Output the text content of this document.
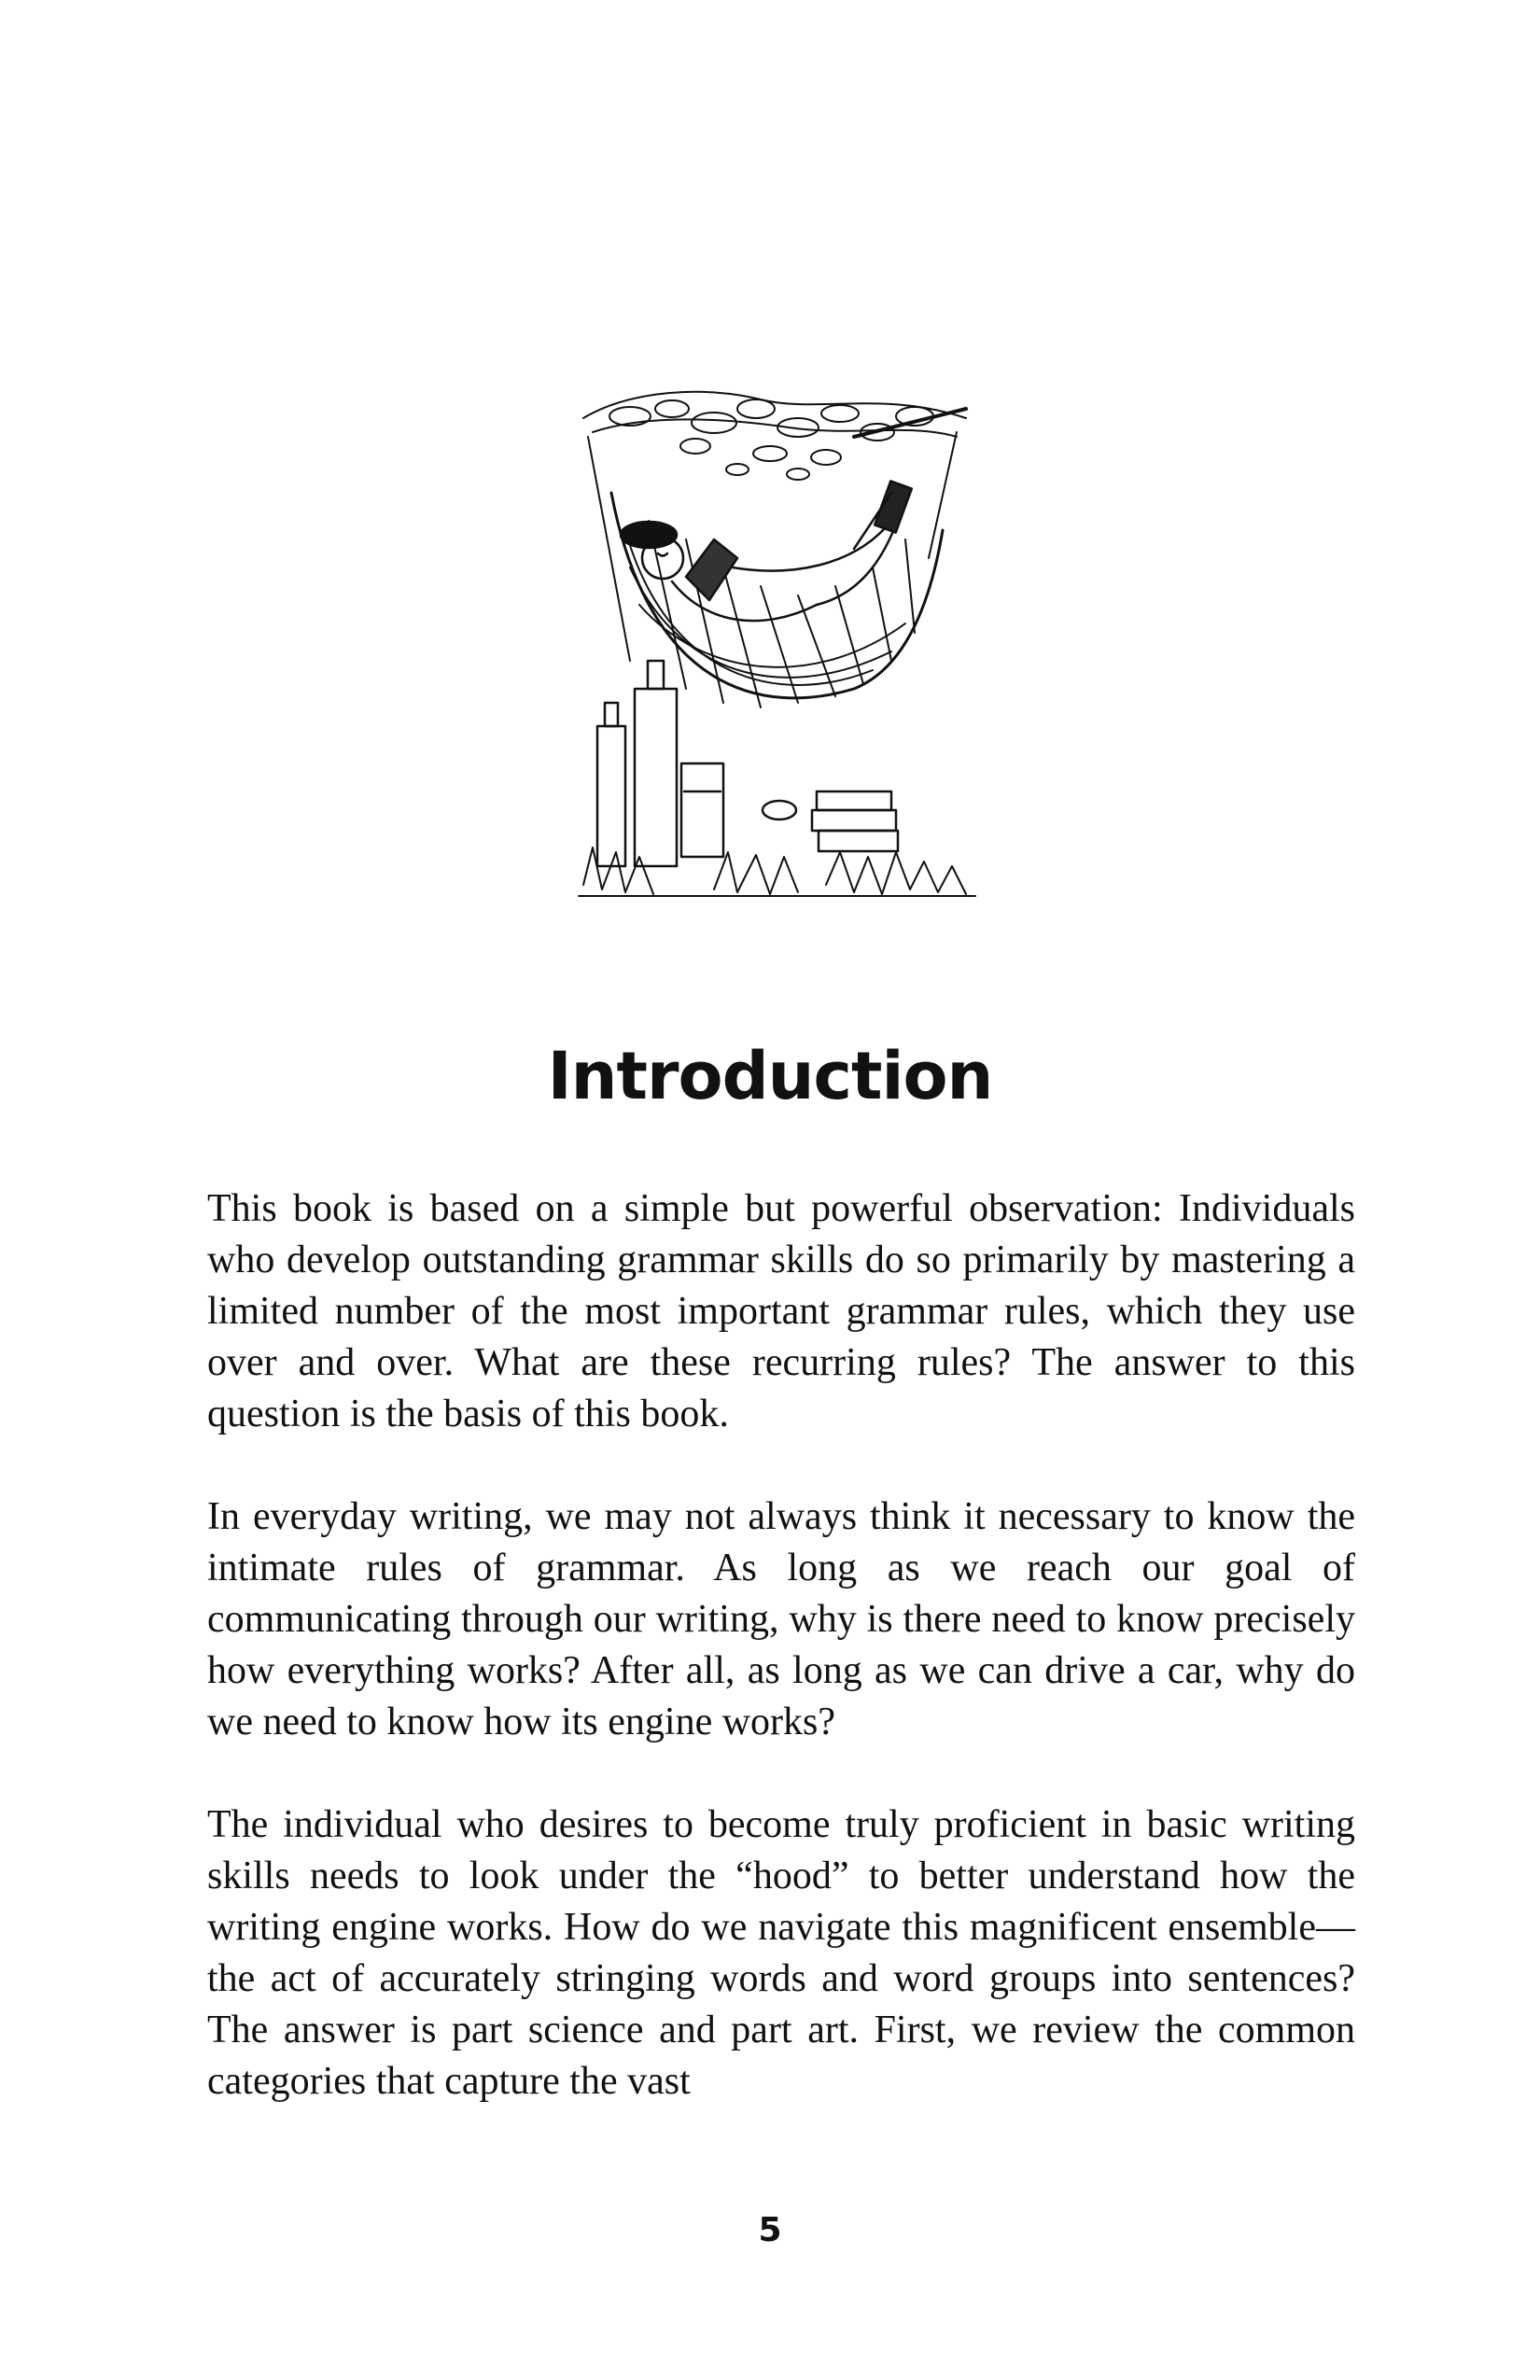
Introduction

This book is based on a simple but powerful observation: Individuals who develop outstanding grammar skills do so primarily by mastering a limited number of the most important grammar rules, which they use over and over. What are these recurring rules? The answer to this question is the basis of this book.

In everyday writing, we may not always think it necessary to know the intimate rules of grammar. As long as we reach our goal of communicating through our writing, why is there need to know precisely how everything works? After all, as long as we can drive a car, why do we need to know how its engine works?

The individual who desires to become truly proficient in basic writing skills needs to look under the “hood” to better understand how the writing engine works. How do we navigate this magnificent ensemble—the act of accurately stringing words and word groups into sentences? The answer is part science and part art. First, we review the common categories that capture the vast

5
